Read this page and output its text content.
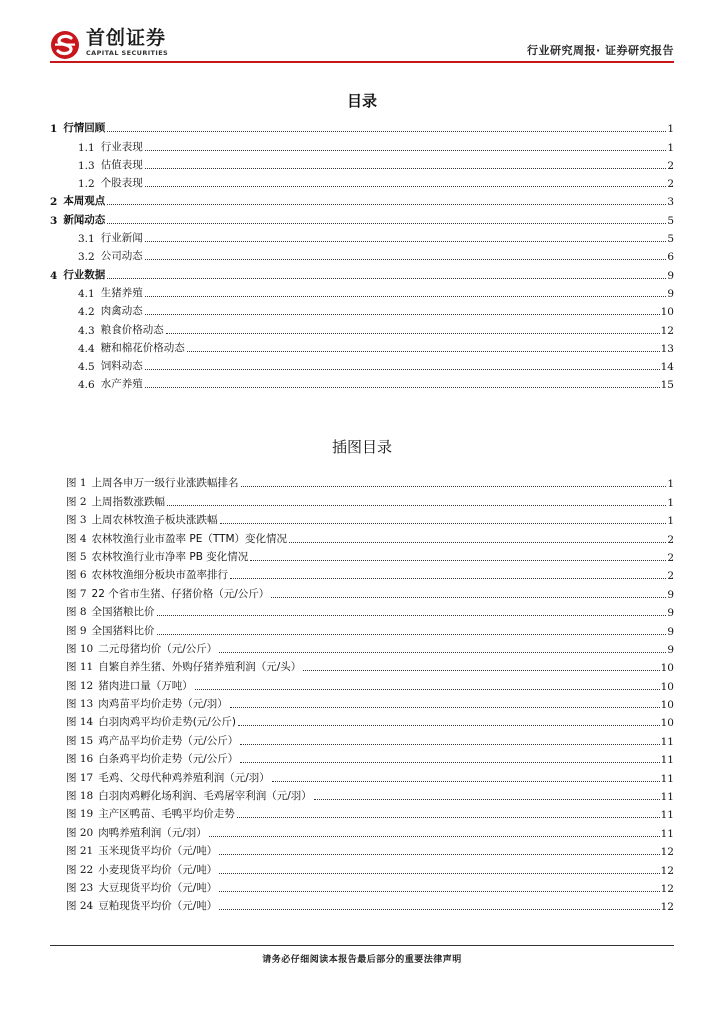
首创证券
CAPITAL SECURITIES	行业研究周报· 证券研究报告
目录
1 行情回顾	1
1.1 行业表现	1
1.3 估值表现	2
1.2 个股表现	2
2 本周观点	3
3 新闻动态	5
3.1 行业新闻	5
3.2 公司动态	6
4 行业数据	9
4.1 生猪养殖	9
4.2 肉禽动态	10
4.3 粮食价格动态	12
4.4 糖和棉花价格动态	13
4.5 饲料动态	14
4.6 水产养殖	15
插图目录
图 1 上周各申万一级行业涨跌幅排名	1
图 2 上周指数涨跌幅	1
图 3 上周农林牧渔子板块涨跌幅	1
图 4 农林牧渔行业市盈率 PE（TTM）变化情况	2
图 5 农林牧渔行业市净率 PB 变化情况	2
图 6 农林牧渔细分板块市盈率排行	2
图 7 22 个省市生猪、仔猪价格（元/公斤）	9
图 8 全国猪粮比价	9
图 9 全国猪料比价	9
图 10 二元母猪均价（元/公斤）	9
图 11 自繁自养生猪、外购仔猪养殖利润（元/头）	10
图 12 猪肉进口量（万吨）	10
图 13 肉鸡苗平均价走势（元/羽）	10
图 14 白羽肉鸡平均价走势(元/公斤)	10
图 15 鸡产品平均价走势（元/公斤）	11
图 16 白条鸡平均价走势（元/公斤）	11
图 17 毛鸡、父母代种鸡养殖利润（元/羽）	11
图 18 白羽肉鸡孵化场利润、毛鸡屠宰利润（元/羽）	11
图 19 主产区鸭苗、毛鸭平均价走势	11
图 20 肉鸭养殖利润（元/羽）	11
图 21 玉米现货平均价（元/吨）	12
图 22 小麦现货平均价（元/吨）	12
图 23 大豆现货平均价（元/吨）	12
图 24 豆粕现货平均价（元/吨）	12
请务必仔细阅读本报告最后部分的重要法律声明
